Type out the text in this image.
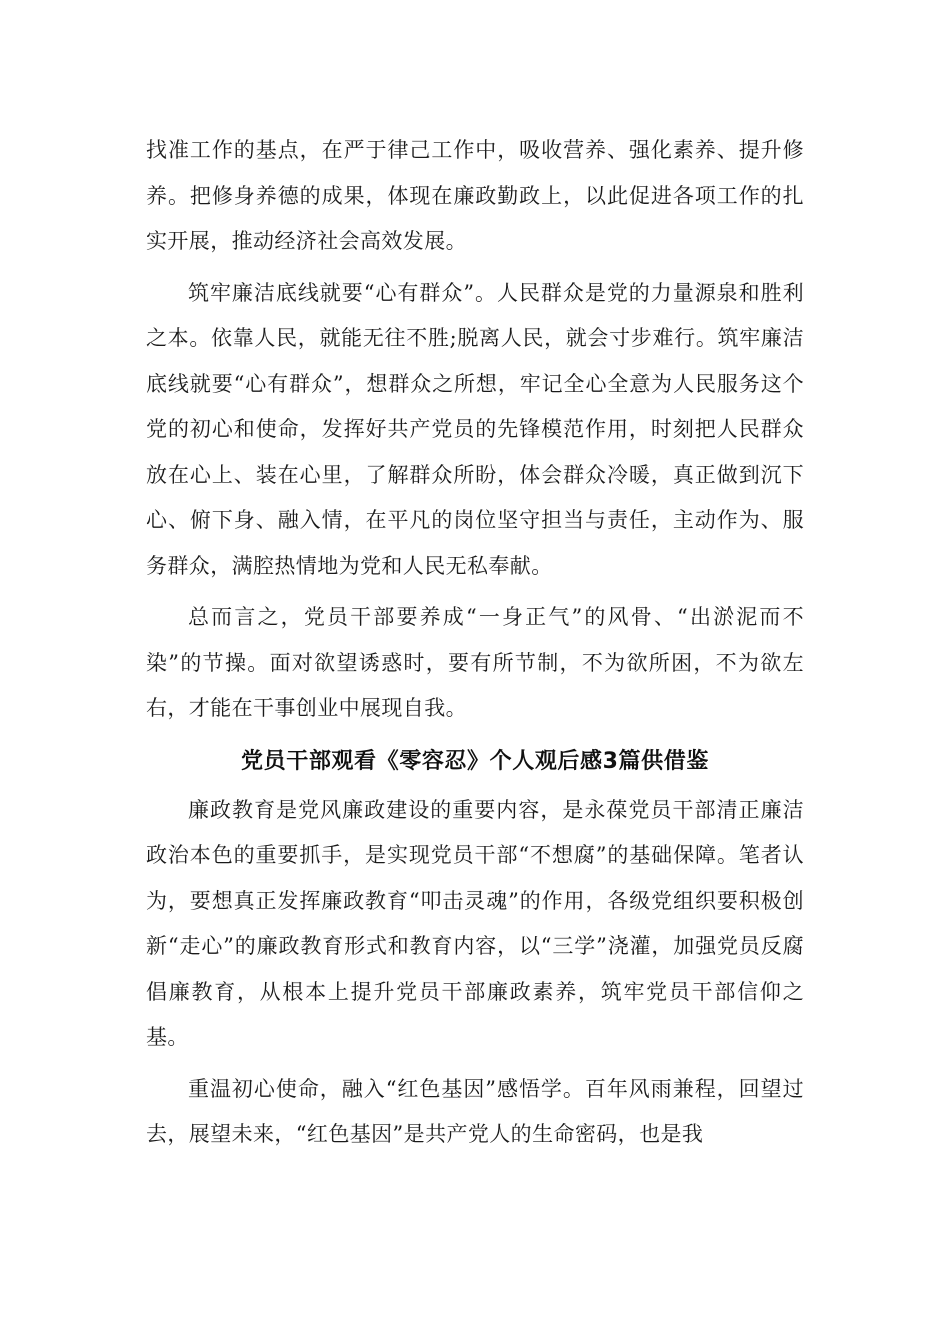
找准工作的基点，在严于律己工作中，吸收营养、强化素养、提升修养。把修身养德的成果，体现在廉政勤政上，以此促进各项工作的扎实开展，推动经济社会高效发展。

筑牢廉洁底线就要“心有群众”。人民群众是党的力量源泉和胜利之本。依靠人民，就能无往不胜;脱离人民，就会寸步难行。筑牢廉洁底线就要“心有群众”，想群众之所想，牢记全心全意为人民服务这个党的初心和使命，发挥好共产党员的先锋模范作用，时刻把人民群众放在心上、装在心里，了解群众所盼，体会群众冷暖，真正做到沉下心、俯下身、融入情，在平凡的岗位坚守担当与责任，主动作为、服务群众，满腔热情地为党和人民无私奉献。

总而言之，党员干部要养成“一身正气”的风骨、“出淤泥而不染”的节操。面对欲望诱惑时，要有所节制，不为欲所困，不为欲左右，才能在干事创业中展现自我。

党员干部观看《零容忍》个人观后感3篇供借鉴

廉政教育是党风廉政建设的重要内容，是永葆党员干部清正廉洁政治本色的重要抓手，是实现党员干部“不想腐”的基础保障。笔者认为，要想真正发挥廉政教育“叩击灵魂”的作用，各级党组织要积极创新“走心”的廉政教育形式和教育内容，以“三学”浇灌，加强党员反腐倡廉教育，从根本上提升党员干部廉政素养，筑牢党员干部信仰之基。

重温初心使命，融入“红色基因”感悟学。百年风雨兼程，回望过去，展望未来，“红色基因”是共产党人的生命密码，也是我
